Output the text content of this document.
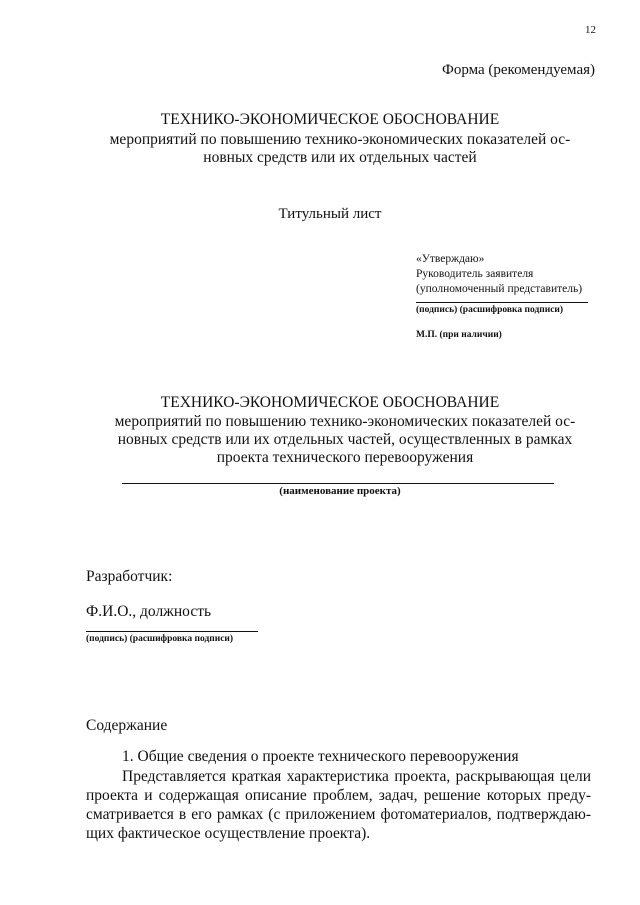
12
Форма (рекомендуемая)
ТЕХНИКО-ЭКОНОМИЧЕСКОЕ ОБОСНОВАНИЕ
мероприятий по повышению технико-экономических показателей ос-новных средств или их отдельных частей
Титульный лист
«Утверждаю»
Руководитель заявителя
(уполномоченный представитель)
(подпись) (расшифровка подписи)
М.П. (при наличии)
ТЕХНИКО-ЭКОНОМИЧЕСКОЕ ОБОСНОВАНИЕ
мероприятий по повышению технико-экономических показателей ос-новных средств или их отдельных частей, осуществленных в рамках проекта технического перевооружения
(наименование проекта)
Разработчик:
Ф.И.О., должность
(подпись) (расшифровка подписи)
Содержание
1. Общие сведения о проекте технического перевооружения
Представляется краткая характеристика проекта, раскрывающая цели проекта и содержащая описание проблем, задач, решение которых преду-сматривается в его рамках (с приложением фотоматериалов, подтверждаю-щих фактическое осуществление проекта).
